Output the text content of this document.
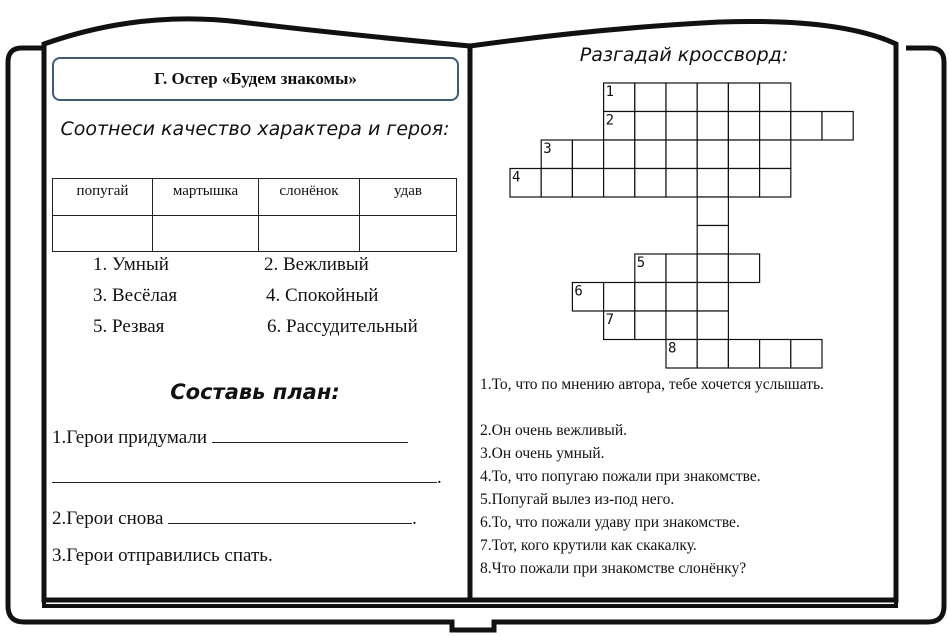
Г. Остер «Будем знакомы»
Соотнеси качество характера и героя:
попугай	мартышка	слонёнок	удав

1. Умный	2. Вежливый
3. Весёлая	4. Спокойный
5. Резвая	6. Рассудительный
Составь план:
1.Герои придумали
.
2.Герои снова	.
3.Герои отправились спать.
Разгадай кроссворд:
1
2
3
4
5
6
7
8
1.То, что по мнению автора, тебе хочется услышать.
2.Он очень вежливый.
3.Он очень умный.
4.То, что попугаю пожали при знакомстве.
5.Попугай вылез из-под него.
6.То, что пожали удаву при знакомстве.
7.Тот, кого крутили как скакалку.
8.Что пожали при знакомстве слонёнку?
